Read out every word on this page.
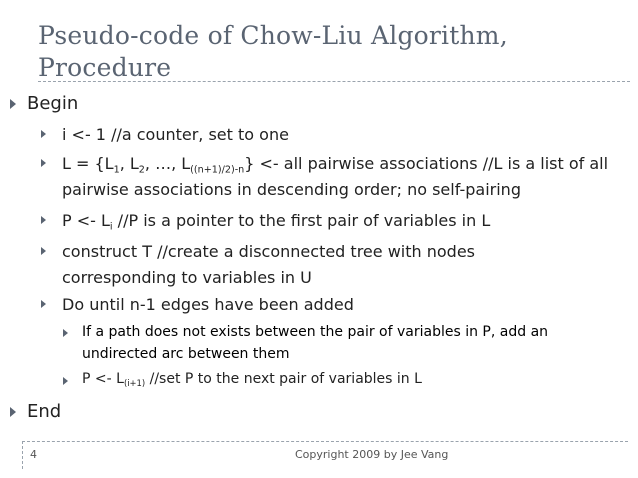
Pseudo-code of Chow-Liu Algorithm,
Procedure
Begin
i <- 1 //a counter, set to one
$L = \{L_1$, $L_2$, …, $L_{((n+1)/2)-n}$} <- all pairwise associations //L is a list of all
pairwise associations in descending order; no self-pairing
$P <- L_i$ //P is a pointer to the first pair of variables in L
construct T //create a disconnected tree with nodes
corresponding to variables in U
Do until n-1 edges have been added
If a path does not exists between the pair of variables in P, add an
undirected arc between them
$P <- L_{(i+1)}$ //set P to the next pair of variables in L
End
4	Copyright 2009 by Jee Vang
